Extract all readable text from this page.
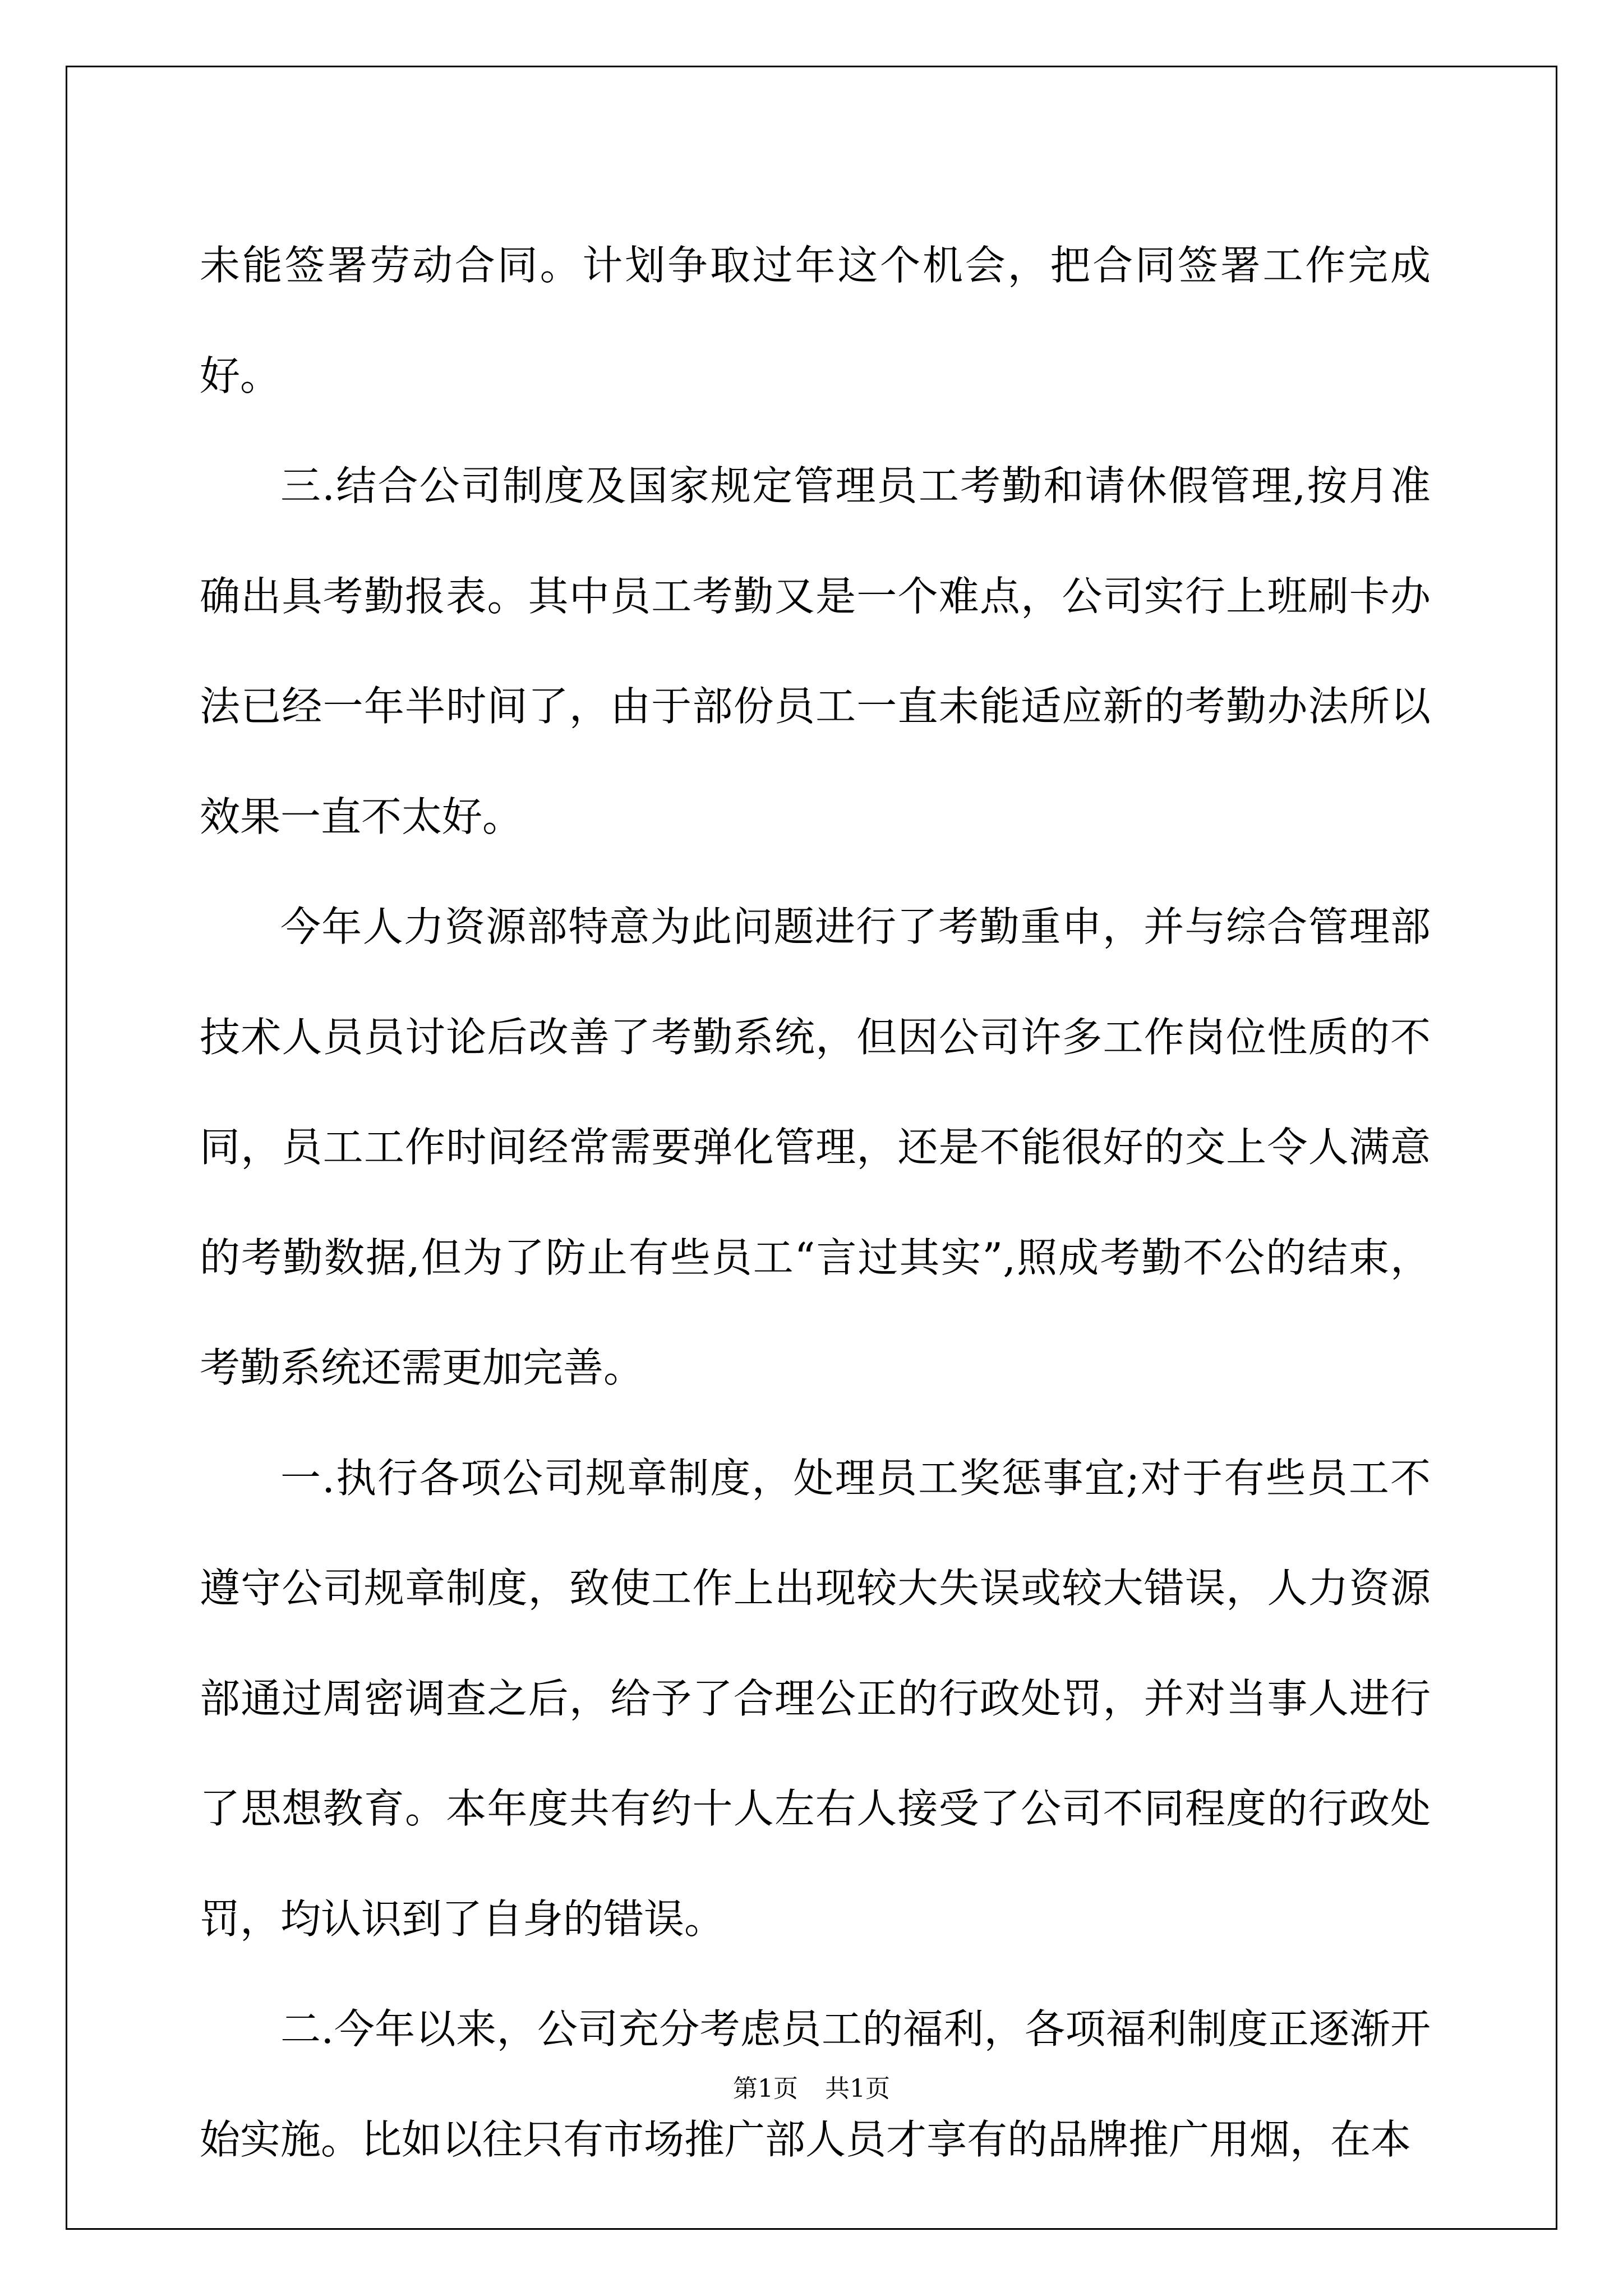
未能签署劳动合同。计划争取过年这个机会，把合同签署工作完成好。

三.结合公司制度及国家规定管理员工考勤和请休假管理,按月准确出具考勤报表。其中员工考勤又是一个难点，公司实行上班刷卡办法已经一年半时间了，由于部份员工一直未能适应新的考勤办法所以效果一直不太好。

今年人力资源部特意为此问题进行了考勤重申，并与综合管理部技术人员员讨论后改善了考勤系统，但因公司许多工作岗位性质的不同，员工工作时间经常需要弹化管理，还是不能很好的交上令人满意的考勤数据,但为了防止有些员工“言过其实”,照成考勤不公的结束，考勤系统还需更加完善。

一.执行各项公司规章制度，处理员工奖惩事宜;对于有些员工不遵守公司规章制度，致使工作上出现较大失误或较大错误，人力资源部通过周密调查之后，给予了合理公正的行政处罚，并对当事人进行了思想教育。本年度共有约十人左右人接受了公司不同程度的行政处罚，均认识到了自身的错误。

二.今年以来，公司充分考虑员工的福利，各项福利制度正逐渐开始实施。比如以往只有市场推广部人员才享有的品牌推广用烟，在本

第1页 共1页
